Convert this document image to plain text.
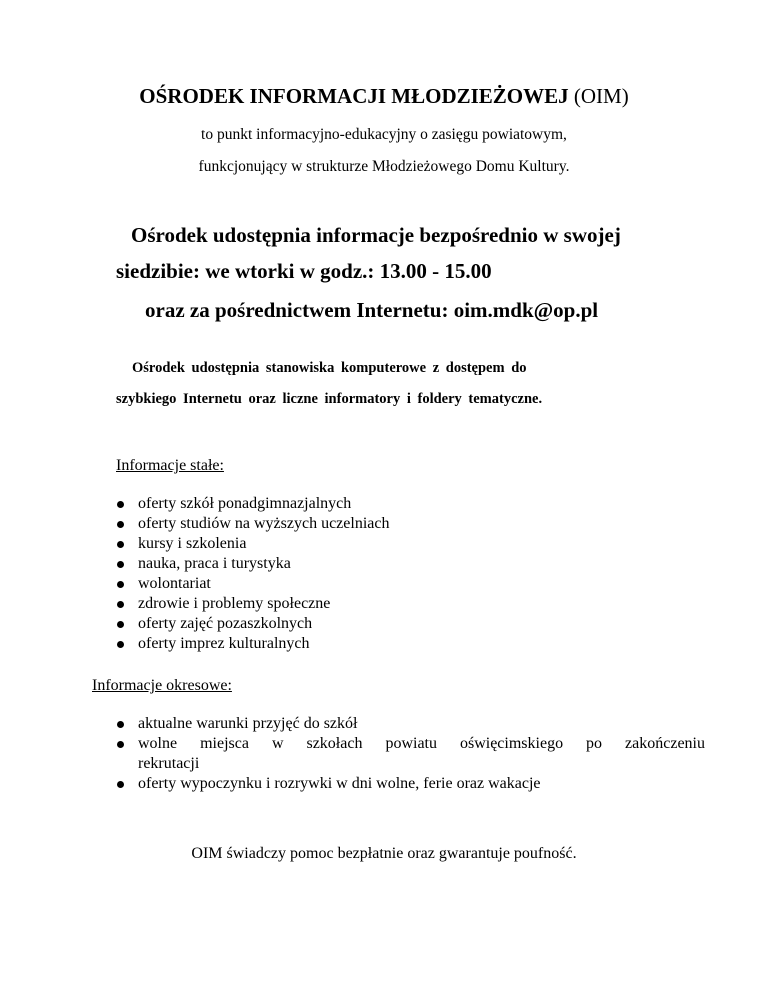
OŚRODEK INFORMACJI MŁODZIEŻOWEJ (OIM)
to punkt informacyjno-edukacyjny o zasięgu powiatowym,
funkcjonujący w strukturze Młodzieżowego Domu Kultury.
Ośrodek udostępnia informacje bezpośrednio w swojej
siedzibie: we wtorki w godz.: 13.00 - 15.00
oraz za pośrednictwem Internetu: oim.mdk@op.pl
Ośrodek udostępnia stanowiska komputerowe z dostępem do
szybkiego Internetu oraz liczne informatory i foldery tematyczne.
Informacje stałe:
oferty szkół ponadgimnazjalnych
oferty studiów na wyższych uczelniach
kursy i szkolenia
nauka, praca i turystyka
wolontariat
zdrowie i problemy społeczne
oferty zajęć pozaszkolnych
oferty imprez kulturalnych
Informacje okresowe:
aktualne warunki przyjęć do szkół
wolne miejsca w szkołach powiatu oświęcimskiego po zakończeniu
rekrutacji
oferty wypoczynku i rozrywki w dni wolne, ferie oraz wakacje
OIM świadczy pomoc bezpłatnie oraz gwarantuje poufność.
